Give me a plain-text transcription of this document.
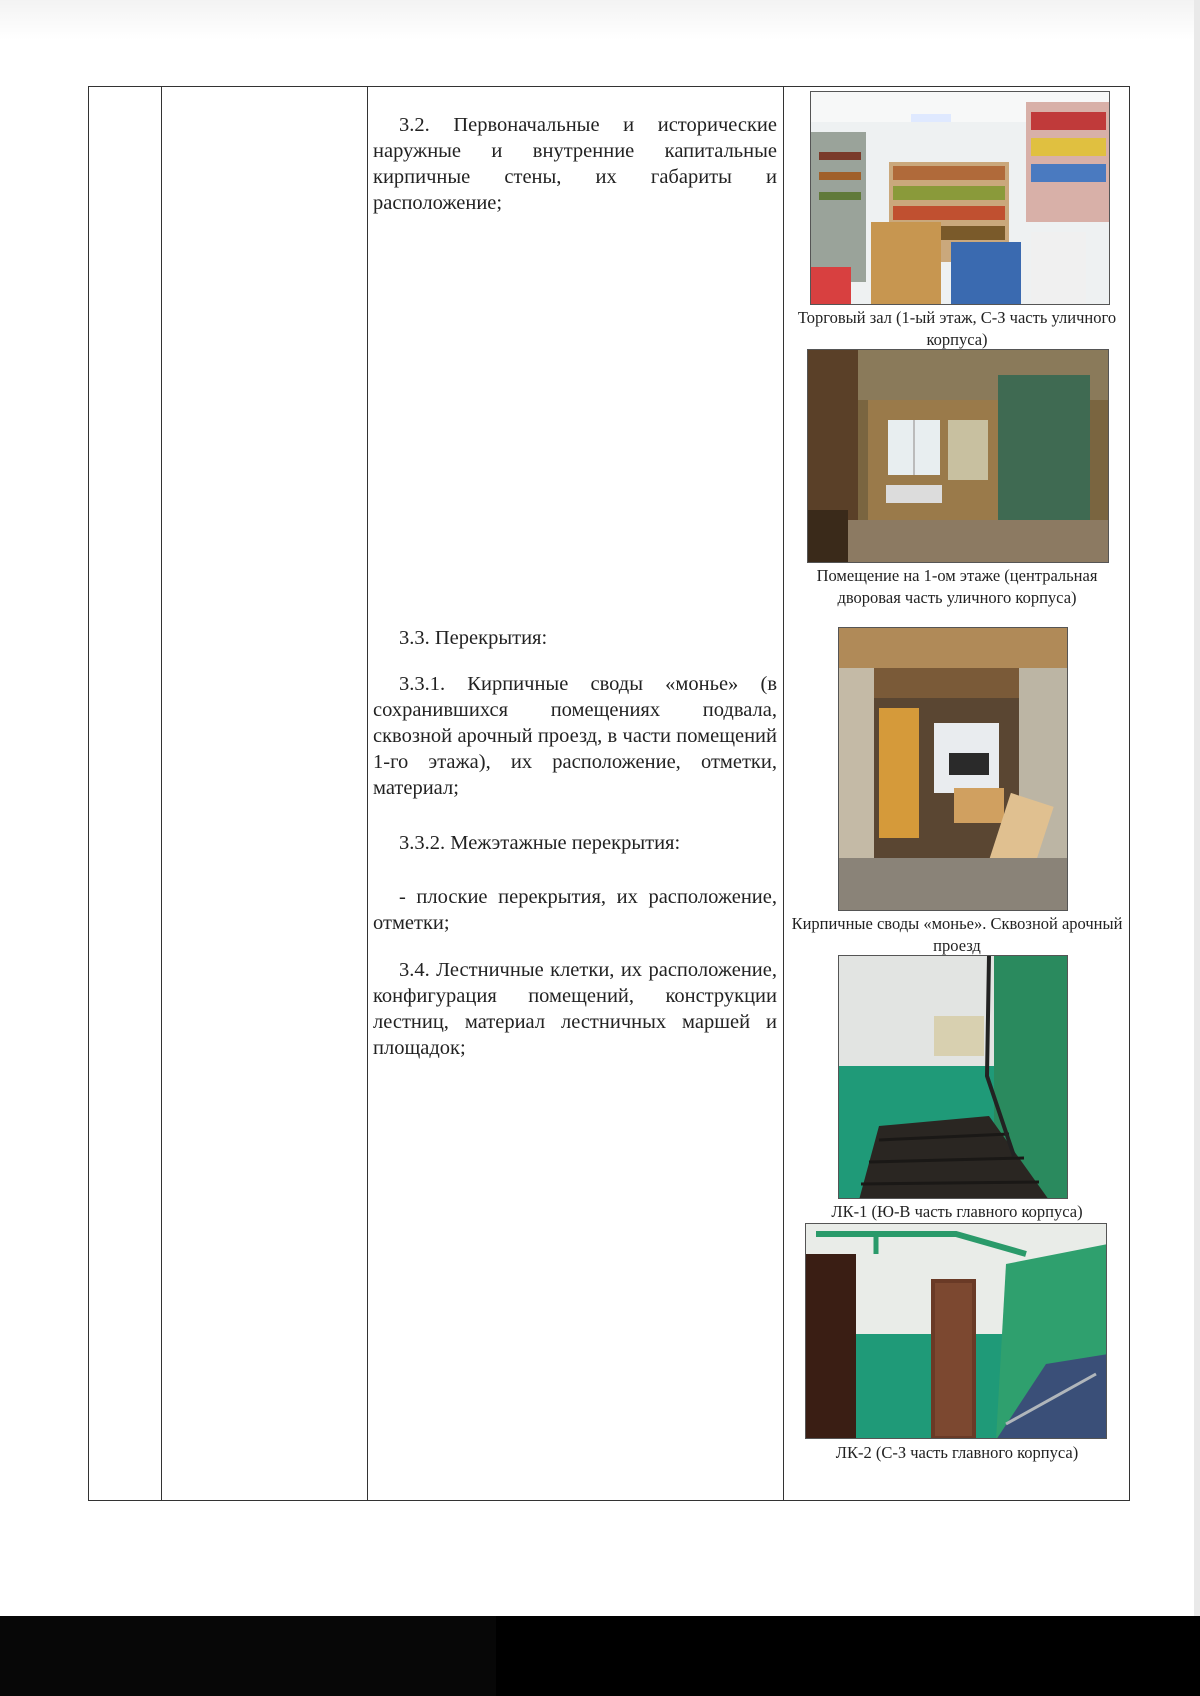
3.2. Первоначальные и исторические наружные и внутренние капитальные кирпичные стены, их габариты и расположение;

3.3. Перекрытия:

3.3.1. Кирпичные своды «монье» (в сохранившихся помещениях подвала, сквозной арочный проезд, в части помещений 1-го этажа), их расположение, отметки, материал;

3.3.2. Межэтажные перекрытия:

- плоские перекрытия, их расположение, отметки;

3.4. Лестничные клетки, их расположение, конфигурация помещений, конструкции лестниц, материал лестничных маршей и площадок;

Торговый зал (1-ый этаж, С-З часть уличного корпуса)
Помещение на 1-ом этаже (центральная дворовая часть уличного корпуса)
Кирпичные своды «монье». Сквозной арочный проезд
ЛК-1 (Ю-В часть главного корпуса)
ЛК-2 (С-З часть главного корпуса)
